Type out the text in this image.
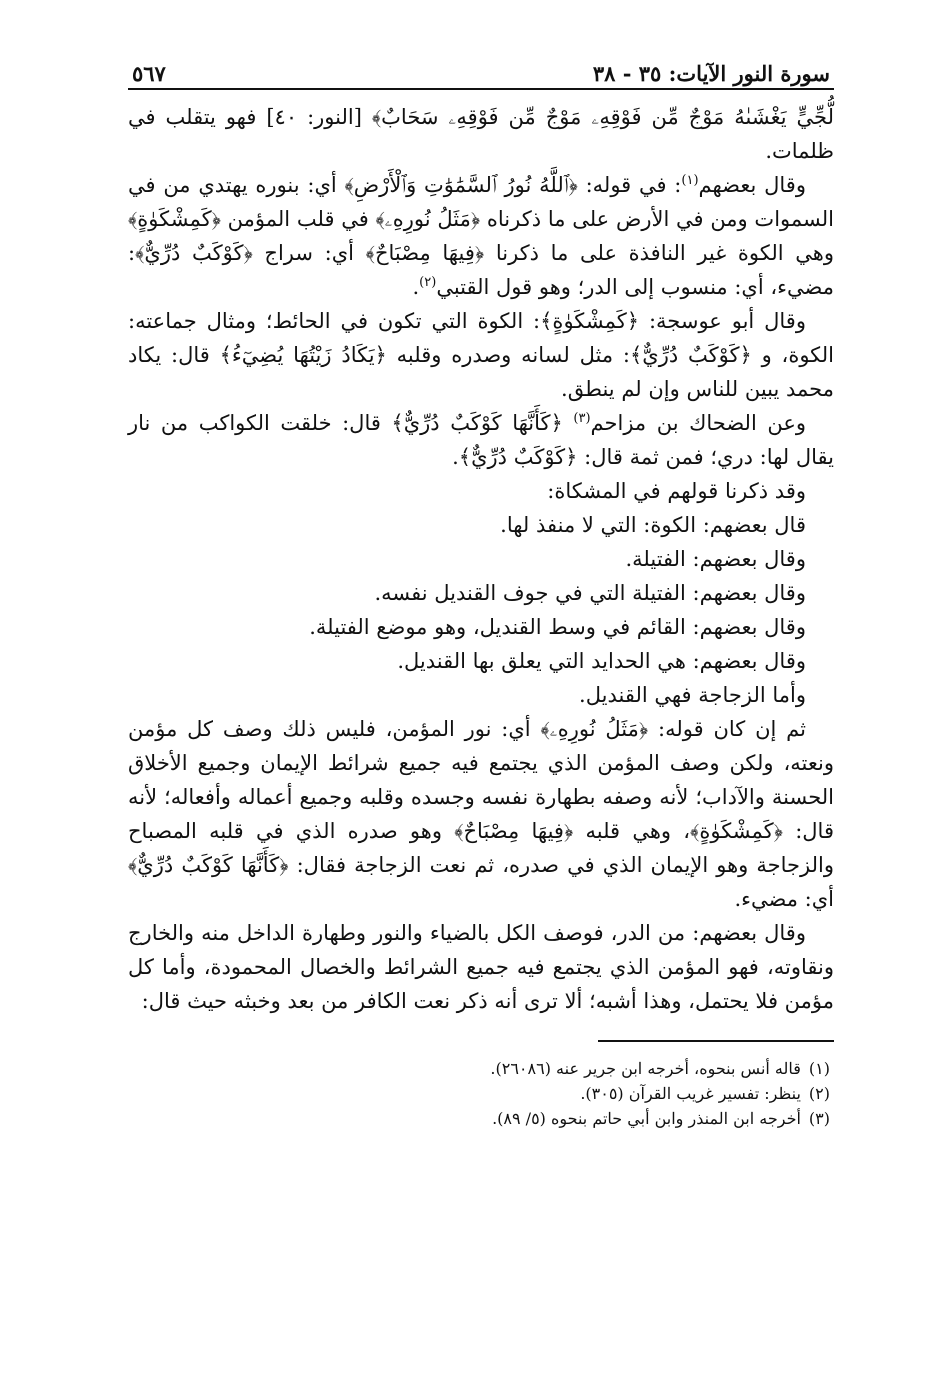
سورة النور الآيات: ٣٥ - ٣٨
٥٦٧

لُّجِّيٍّ يَغْشَىٰهُ مَوْجٌ مِّن فَوْقِهِۦ مَوْجٌ مِّن فَوْقِهِۦ سَحَابٌ﴾ [النور: ٤٠] فهو يتقلب في ظلمات.

وقال بعضهم$^{(١)}$: في قوله: ﴿ٱللَّهُ نُورُ ٱلسَّمَٰوَٰتِ وَٱلْأَرْضِ﴾ أي: بنوره يهتدي من في السموات ومن في الأرض على ما ذكرناه ﴿مَثَلُ نُورِهِۦ﴾ في قلب المؤمن ﴿كَمِشْكَوٰةٍ﴾ وهي الكوة غير النافذة على ما ذكرنا ﴿فِيهَا مِصْبَاحٌ﴾ أي: سراج ﴿كَوْكَبٌ دُرِّيٌّ﴾: مضيء، أي: منسوب إلى الدر؛ وهو قول القتبي$^{(٢)}$.

وقال أبو عوسجة: ﴿كَمِشْكَوٰةٍ﴾: الكوة التي تكون في الحائط؛ ومثال جماعته: الكوة، و ﴿كَوْكَبٌ دُرِّيٌّ﴾: مثل لسانه وصدره وقلبه ﴿يَكَادُ زَيْتُهَا يُضِيٓءُ﴾ قال: يكاد محمد يبين للناس وإن لم ينطق.

وعن الضحاك بن مزاحم$^{(٣)}$ ﴿كَأَنَّهَا كَوْكَبٌ دُرِّيٌّ﴾ قال: خلقت الكواكب من نار يقال لها: دري؛ فمن ثمة قال: ﴿كَوْكَبٌ دُرِّيٌّ﴾.

وقد ذكرنا قولهم في المشكاة:

قال بعضهم: الكوة: التي لا منفذ لها.

وقال بعضهم: الفتيلة.

وقال بعضهم: الفتيلة التي في جوف القنديل نفسه.

وقال بعضهم: القائم في وسط القنديل، وهو موضع الفتيلة.

وقال بعضهم: هي الحدايد التي يعلق بها القنديل.

وأما الزجاجة فهي القنديل.

ثم إن كان قوله: ﴿مَثَلُ نُورِهِۦ﴾ أي: نور المؤمن، فليس ذلك وصف كل مؤمن ونعته، ولكن وصف المؤمن الذي يجتمع فيه جميع شرائط الإيمان وجميع الأخلاق الحسنة والآداب؛ لأنه وصفه بطهارة نفسه وجسده وقلبه وجميع أعماله وأفعاله؛ لأنه قال: ﴿كَمِشْكَوٰةٍ﴾، وهي قلبه ﴿فِيهَا مِصْبَاحٌ﴾ وهو صدره الذي في قلبه المصباح والزجاجة وهو الإيمان الذي في صدره، ثم نعت الزجاجة فقال: ﴿كَأَنَّهَا كَوْكَبٌ دُرِّيٌّ﴾ أي: مضيء.

وقال بعضهم: من الدر، فوصف الكل بالضياء والنور وطهارة الداخل منه والخارج ونقاوته، فهو المؤمن الذي يجتمع فيه جميع الشرائط والخصال المحمودة، وأما كل مؤمن فلا يحتمل، وهذا أشبه؛ ألا ترى أنه ذكر نعت الكافر من بعد وخبثه حيث قال:

(١)
قاله أنس بنحوه، أخرجه ابن جرير عنه (٢٦٠٨٦).
(٢)
ينظر: تفسير غريب القرآن (٣٠٥).
(٣)
أخرجه ابن المنذر وابن أبي حاتم بنحوه (٥/ ٨٩).
